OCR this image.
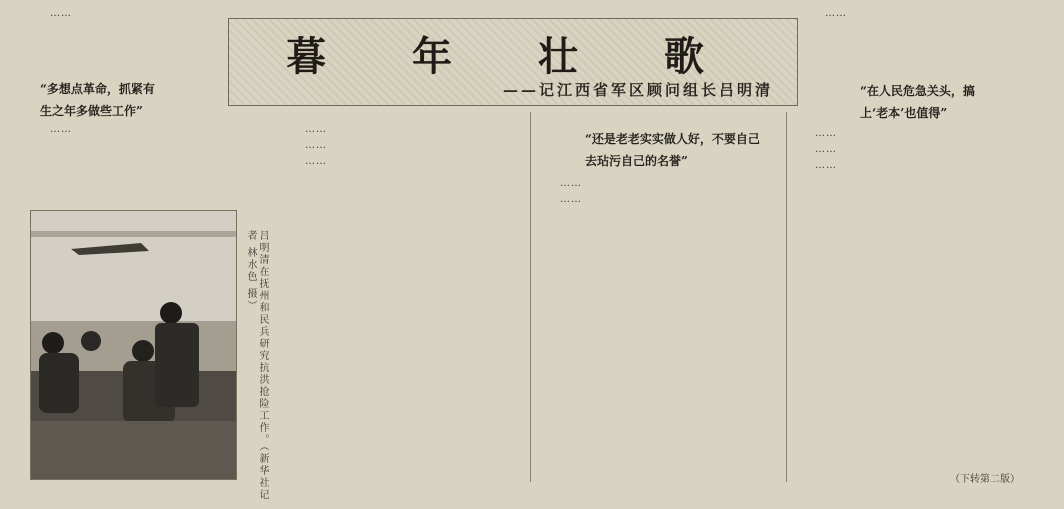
……

“多想点革命，抓紧有
生之年多做些工作”

……

吕明清在抚州和民兵研究抗洪抢险工作。（新华社记者 林水色 摄）
暮 年 壮 歌
——记江西省军区顾问组长吕明清

……

……

……

“还是老老实实做人好，不要自己
去玷污自己的名誉”

……

……

……

“在人民危急关头，搞
上‘老本’也值得”

……

……

……

（下转第二版）
